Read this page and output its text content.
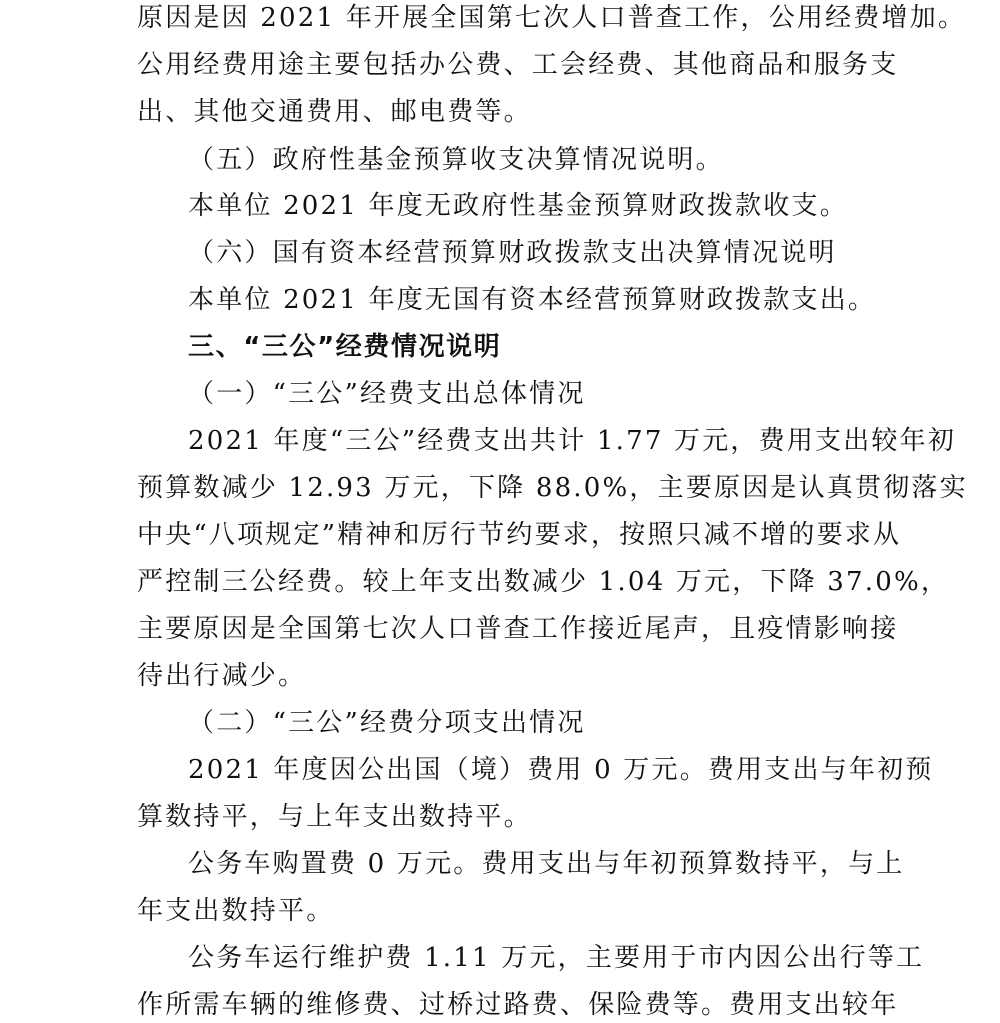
原因是因 2021 年开展全国第七次人口普查工作，公用经费增加。
公用经费用途主要包括办公费、工会经费、其他商品和服务支
出、其他交通费用、邮电费等。
（五）政府性基金预算收支决算情况说明。
本单位 2021 年度无政府性基金预算财政拨款收支。
（六）国有资本经营预算财政拨款支出决算情况说明
本单位 2021 年度无国有资本经营预算财政拨款支出。
三、“三公”经费情况说明
（一）“三公”经费支出总体情况
2021 年度“三公”经费支出共计 1.77 万元，费用支出较年初
预算数减少 12.93 万元，下降 88.0%，主要原因是认真贯彻落实
中央“八项规定”精神和厉行节约要求，按照只减不增的要求从
严控制三公经费。较上年支出数减少 1.04 万元，下降 37.0%，
主要原因是全国第七次人口普查工作接近尾声，且疫情影响接
待出行减少。
（二）“三公”经费分项支出情况
2021 年度因公出国（境）费用 0 万元。费用支出与年初预
算数持平，与上年支出数持平。
公务车购置费 0 万元。费用支出与年初预算数持平，与上
年支出数持平。
公务车运行维护费 1.11 万元，主要用于市内因公出行等工
作所需车辆的维修费、过桥过路费、保险费等。费用支出较年
